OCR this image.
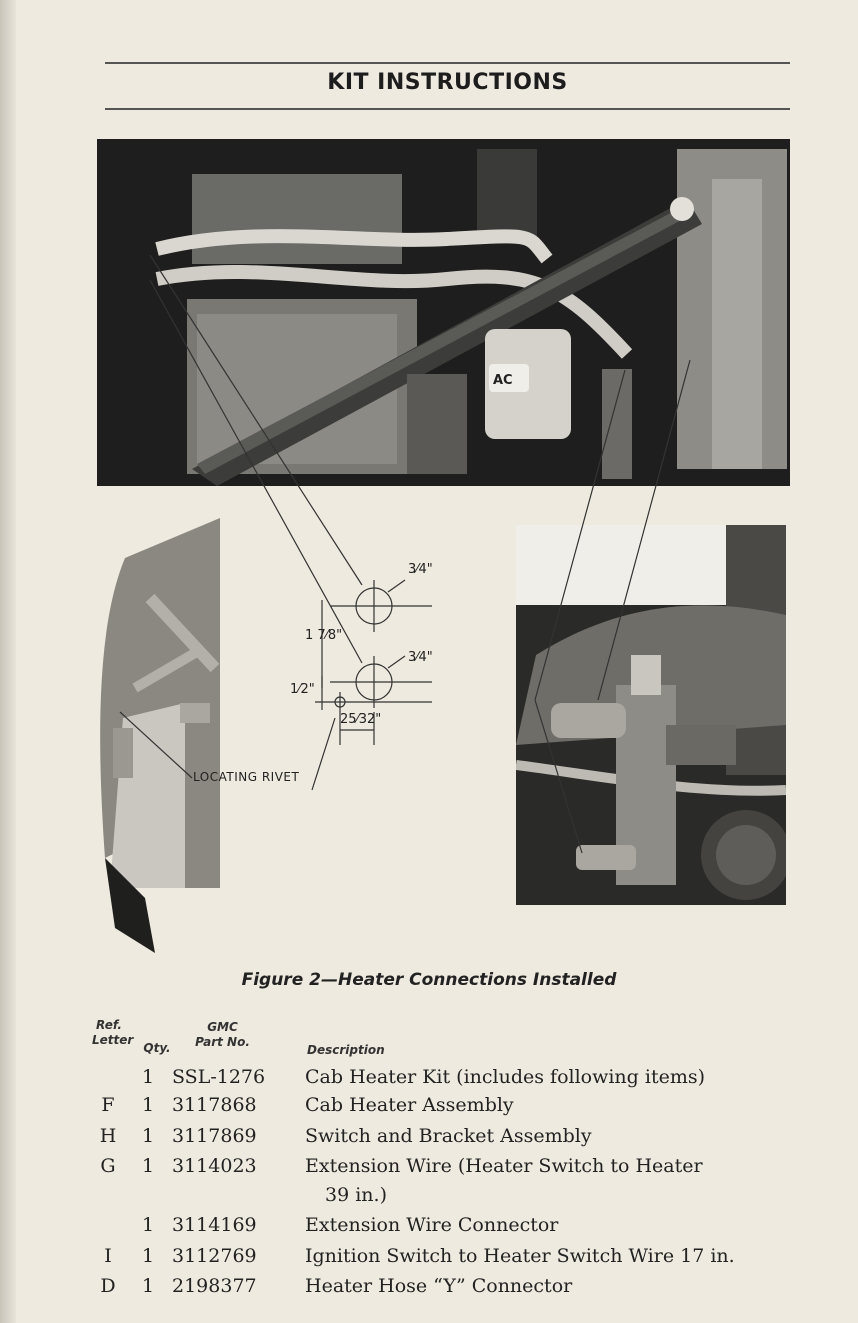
KIT INSTRUCTIONS
AC
3⁄4"
3⁄4"
1 7⁄8"
1⁄2"
25⁄32"
LOCATING RIVET
Figure 2—Heater Connections Installed
Ref.
Letter
Qty.
GMC
Part No.
Description
1 SSL-1276	Cab Heater Kit (includes following items)
F	1 3117868	Cab Heater Assembly
H 1 3117869	Switch and Bracket Assembly
G 1 3114023	Extension Wire (Heater Switch to Heater
39 in.)
1 3114169	Extension Wire Connector
I	1 3112769	Ignition Switch to Heater Switch Wire 17 in.
D 1 2198377	Heater Hose “Y” Connector
